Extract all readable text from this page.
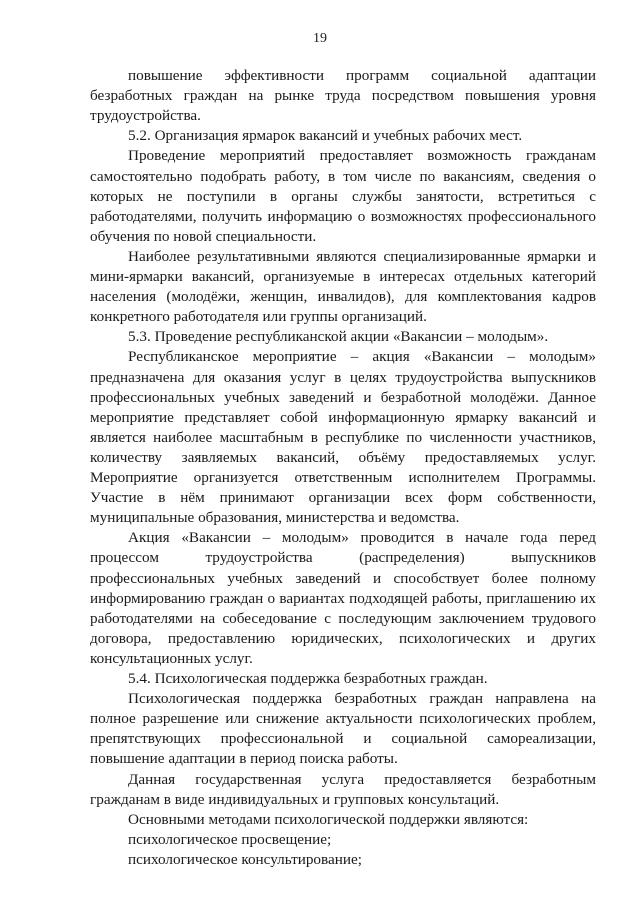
19
повышение эффективности программ социальной адаптации
безработных граждан на рынке труда посредством повышения уровня
трудоустройства.
5.2. Организация ярмарок вакансий и учебных рабочих мест.
Проведение мероприятий предоставляет возможность гражданам
самостоятельно подобрать работу, в том числе по вакансиям, сведения о
которых не поступили в органы службы занятости, встретиться с
работодателями, получить информацию о возможностях профессионального
обучения по новой специальности.
Наиболее результативными являются специализированные ярмарки и
мини-ярмарки вакансий, организуемые в интересах отдельных категорий
населения (молодёжи, женщин, инвалидов), для комплектования кадров
конкретного работодателя или группы организаций.
5.3. Проведение республиканской акции «Вакансии – молодым».
Республиканское мероприятие – акция «Вакансии – молодым»
предназначена для оказания услуг в целях трудоустройства выпускников
профессиональных учебных заведений и безработной молодёжи. Данное
мероприятие представляет собой информационную ярмарку вакансий и
является наиболее масштабным в республике по численности участников,
количеству заявляемых вакансий, объёму предоставляемых услуг.
Мероприятие организуется ответственным исполнителем Программы.
Участие в нём принимают организации всех форм собственности,
муниципальные образования, министерства и ведомства.
Акция «Вакансии – молодым» проводится в начале года перед
процессом трудоустройства (распределения) выпускников
профессиональных учебных заведений и способствует более полному
информированию граждан о вариантах подходящей работы, приглашению их
работодателями на собеседование с последующим заключением трудового
договора, предоставлению юридических, психологических и других
консультационных услуг.
5.4. Психологическая поддержка безработных граждан.
Психологическая поддержка безработных граждан направлена на
полное разрешение или снижение актуальности психологических проблем,
препятствующих профессиональной и социальной самореализации,
повышение адаптации в период поиска работы.
Данная государственная услуга предоставляется безработным
гражданам в виде индивидуальных и групповых консультаций.
Основными методами психологической поддержки являются:
психологическое просвещение;
психологическое консультирование;
